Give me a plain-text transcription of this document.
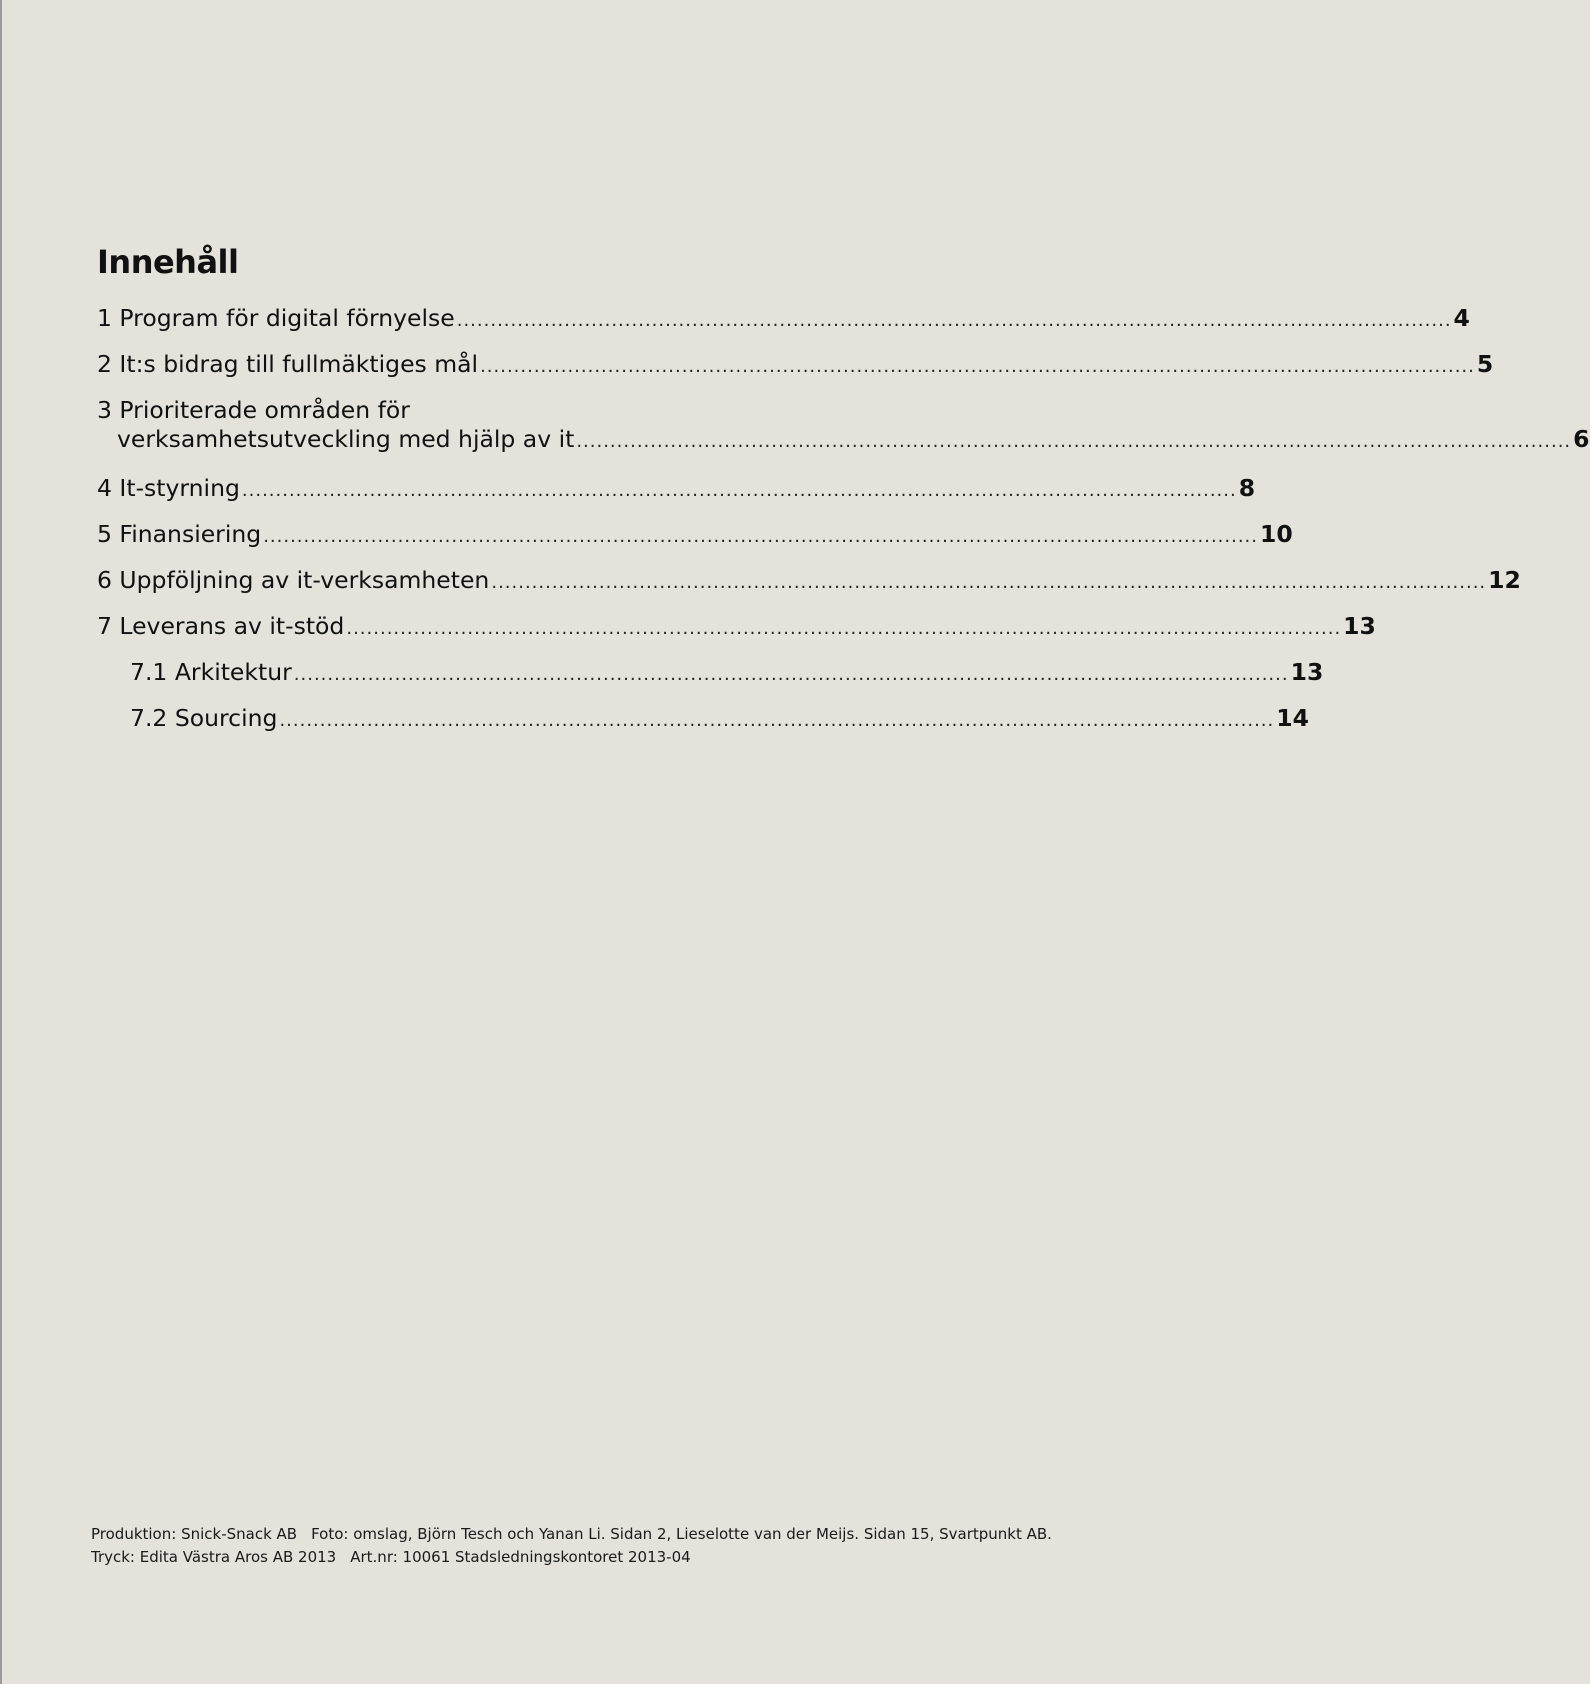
Innehåll
1 Program för digital förnyelse .....	4
2 It:s bidrag till fullmäktiges mål .....	5
3 Prioriterade områden för
verksamhetsutveckling med hjälp av it .....	6
4 It-styrning .....	8
5 Finansiering .....	10
6 Uppföljning av it-verksamheten .....	12
7 Leverans av it-stöd .....	13
7.1 Arkitektur .....	13
7.2 Sourcing .....	14
Produktion: Snick-Snack AB Foto: omslag, Björn Tesch och Yanan Li. Sidan 2, Lieselotte van der Meijs. Sidan 15, Svartpunkt AB.
Tryck: Edita Västra Aros AB 2013 Art.nr: 10061 Stadsledningskontoret 2013-04
